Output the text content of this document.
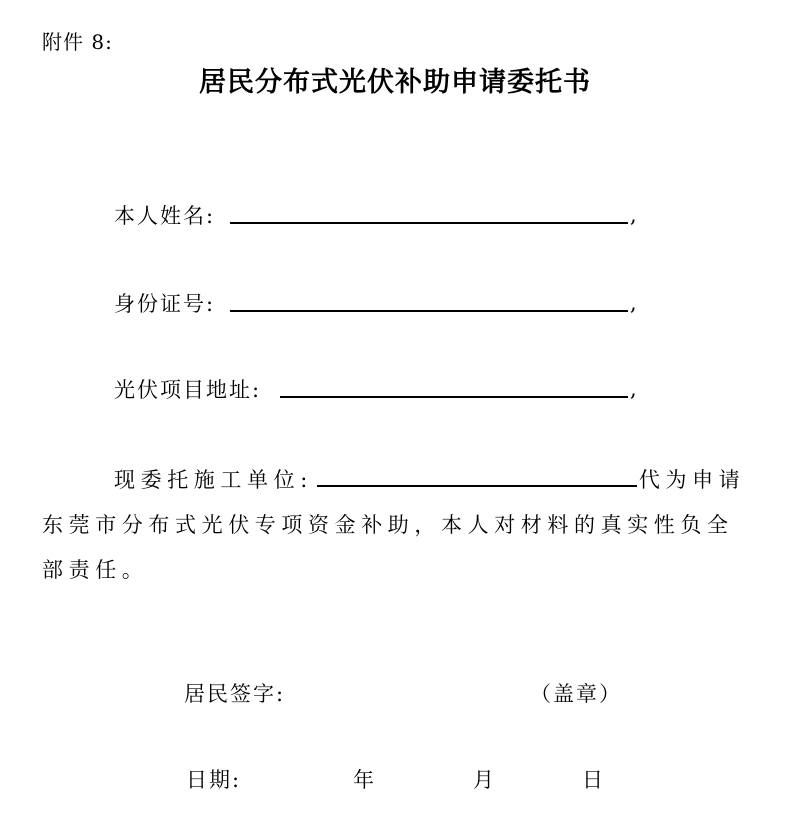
附件 8:
居民分布式光伏补助申请委托书
本人姓名:	,
身份证号:	,
光伏项目地址:	,
现委托施工单位:	代为申请东莞市分布式光伏专项资金补助，本人对材料的真实性负全部责任。
居民签字:	（盖章）
日期:	年	月	日
